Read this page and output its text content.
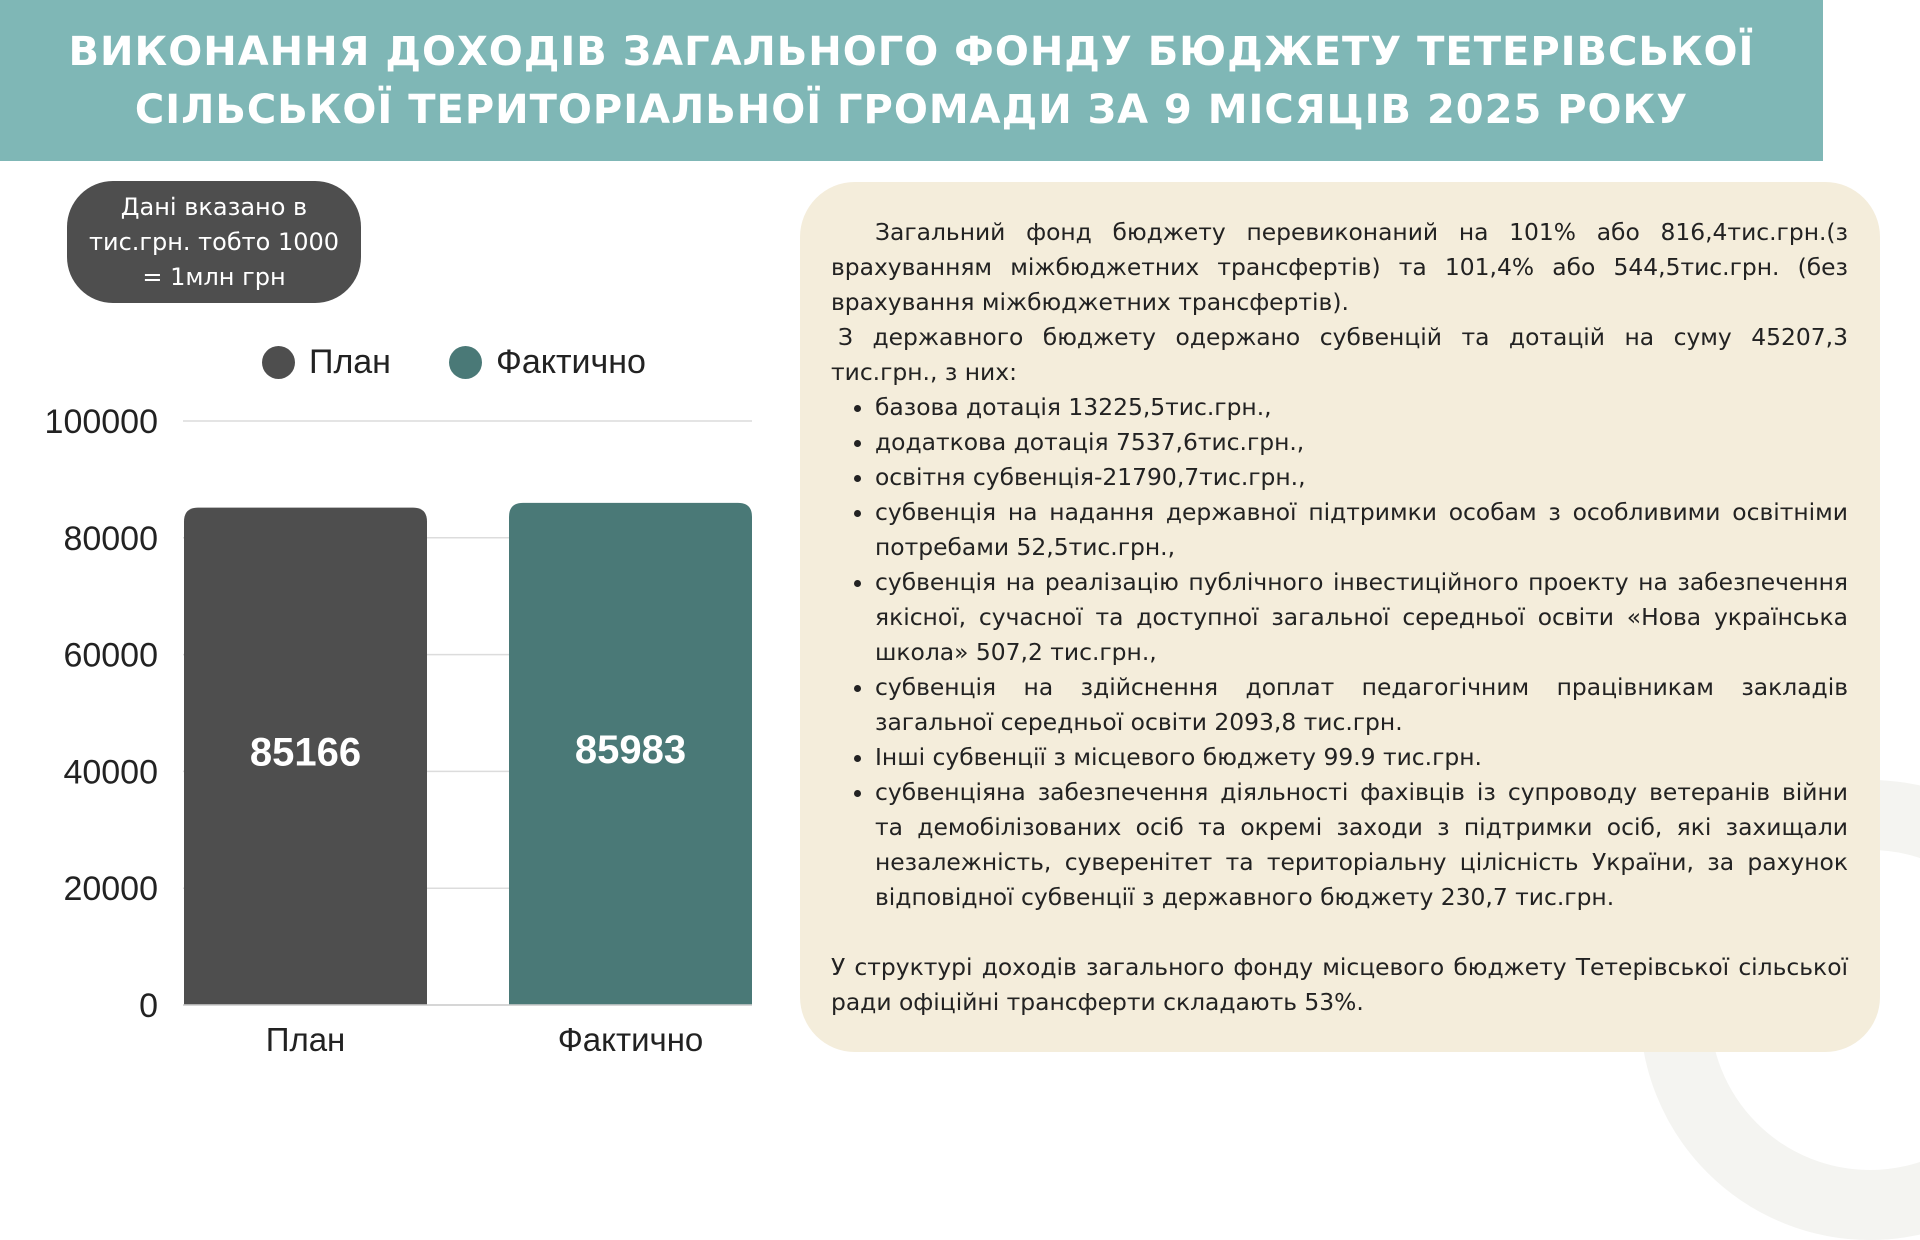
ВИКОНАННЯ ДОХОДІВ ЗАГАЛЬНОГО ФОНДУ БЮДЖЕТУ ТЕТЕРІВСЬКОЇ
СІЛЬСЬКОЇ ТЕРИТОРІАЛЬНОЇ ГРОМАДИ ЗА 9 МІСЯЦІВ 2025 РОКУ
Дані вказано в тис.грн. тобто 1000 = 1млн грн
План	Фактично
0
20000
40000
60000
80000
100000
85166
План
85983
Фактично

Загальний фонд бюджету перевиконаний на 101% або 816,4тис.грн.(з врахуванням міжбюджетних трансфертів) та 101,4% або 544,5тис.грн. (без врахування міжбюджетних трансфертів).

З державного бюджету одержано субвенцій та дотацій на суму 45207,3 тис.грн., з них:

• базова дотація 13225,5тис.грн.,
• додаткова дотація 7537,6тис.грн.,
• освітня субвенція-21790,7тис.грн.,
• субвенція на надання державної підтримки особам з особливими освітніми потребами 52,5тис.грн.,
• субвенція на реалізацію публічного інвестиційного проекту на забезпечення якісної, сучасної та доступної загальної середньої освіти «Нова українська школа» 507,2 тис.грн.,
• субвенція на здійснення доплат педагогічним працівникам закладів загальної середньої освіти 2093,8 тис.грн.
• Інші субвенції з місцевого бюджету 99.9 тис.грн.
• субвенціяна забезпечення діяльності фахівців із супроводу ветеранів війни та демобілізованих осіб та окремі заходи з підтримки осіб, які захищали незалежність, суверенітет та територіальну цілісність України, за рахунок відповідної субвенції з державного бюджету 230,7 тис.грн.

У структурі доходів загального фонду місцевого бюджету Тетерівської сільської ради офіційні трансферти складають 53%.
